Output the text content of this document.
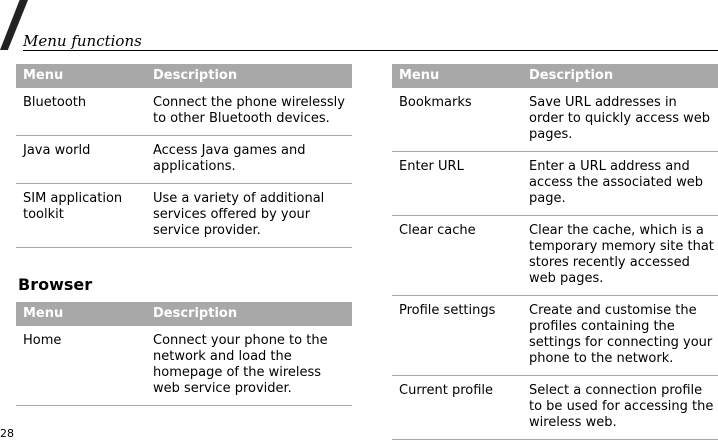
Menu functions
Menu	Description
Bluetooth	Connect the phone wirelessly to other Bluetooth devices.
Java world	Access Java games and applications.
SIM application toolkit	Use a variety of additional services offered by your service provider.
Browser
Menu	Description
Home	Connect your phone to the network and load the homepage of the wireless web service provider.
Menu	Description
Bookmarks	Save URL addresses in order to quickly access web pages.
Enter URL	Enter a URL address and access the associated web page.
Clear cache	Clear the cache, which is a temporary memory site that stores recently accessed web pages.
Profile settings	Create and customise the profiles containing the settings for connecting your phone to the network.
Current profile	Select a connection profile to be used for accessing the wireless web.
28
